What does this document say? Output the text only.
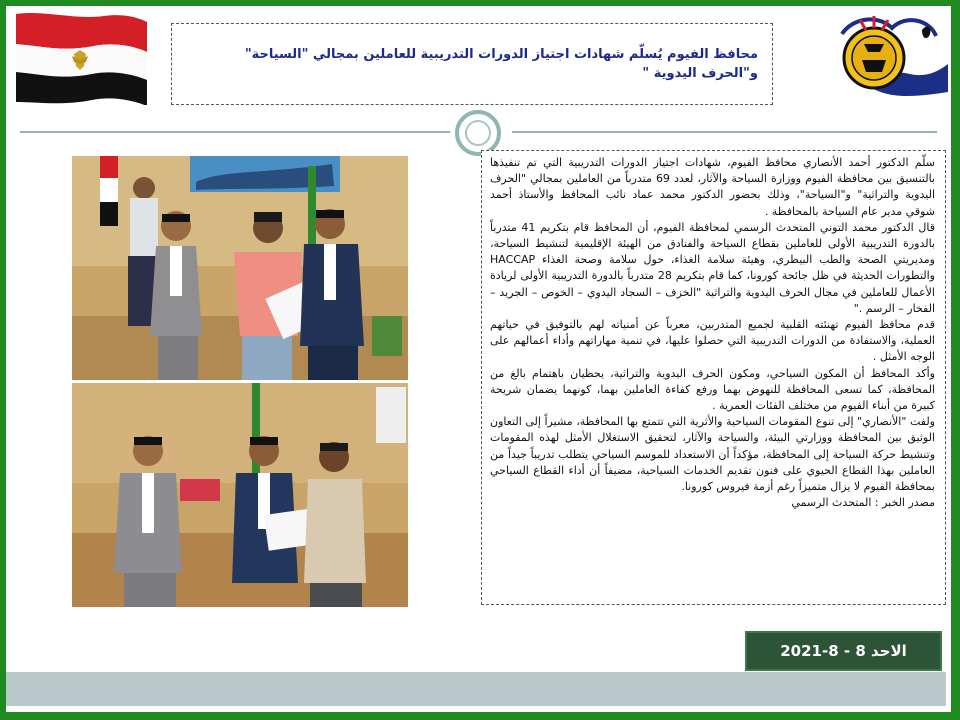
محافظ الفيوم يُسلّم شهادات اجتياز الدورات التدريبية للعاملين بمجالي "السياحة" و"الحرف اليدوية "

سلّم الدكتور أحمد الأنصاري محافظ الفيوم، شهادات اجتياز الدورات التدريبية التي تم تنفيذها بالتنسيق بين محافظة الفيوم ووزارة السياحة والآثار، لعدد 69 متدرباً من العاملين بمجالي "الحرف اليدوية والتراثية" و"السياحة"، وذلك بحضور الدكتور محمد عماد نائب المحافظ والأستاذ أحمد شوقي مدير عام السياحة بالمحافظة .

قال الدكتور محمد التوني المتحدث الرسمي لمحافظة الفيوم، أن المحافظ قام بتكريم 41 متدرباً بالدورة التدريبية الأولى للعاملين بقطاع السياحة والفنادق من الهيئة الإقليمية لتنشيط السياحة، ومديريتي الصحة والطب البيطري، وهيئة سلامة الغذاء، حول سلامة وصحة الغذاء HACCAP والتطورات الحديثة في ظل جائحة كورونا، كما قام بتكريم 28 متدرباً بالدورة التدريبية الأولى لريادة الأعمال للعاملين في مجال الحرف اليدوية والتراثية "الخزف – السجاد اليدوي – الخوص – الجريد – الفخار – الرسم ."

قدم محافظ الفيوم تهنئته القلبية لجميع المتدربين، معرباً عن أمنياته لهم بالتوفيق في حياتهم العملية، والاستفادة من الدورات التدريبية التي حصلوا عليها، في تنمية مهاراتهم وأداء أعمالهم على الوجه الأمثل .

وأكد المحافظ أن المكون السياحي، ومكون الحرف اليدوية والتراثية، يحظيان باهتمام بالغ من المحافظة، كما تسعى المحافظة للنهوض بهما ورفع كفاءة العاملين بهما، كونهما يضمان شريحة كبيرة من أبناء الفيوم من مختلف الفئات العمرية .

ولفت "الأنصاري" إلى تنوع المقومات السياحية والأثرية التي تتمتع بها المحافظة، مشيراً إلى التعاون الوثيق بين المحافظة ووزارتي البيئة، والسياحة والآثار، لتحقيق الاستغلال الأمثل لهذه المقومات وتنشيط حركة السياحة إلى المحافظة، مؤكداً أن الاستعداد للموسم السياحي يتطلب تدريباً جيداً من العاملين بهذا القطاع الحيوي على فنون تقديم الخدمات السياحية، مضيفاً أن أداء القطاع السياحي بمحافظة الفيوم لا يزال متميزاً رغم أزمة فيروس كورونا.

مصدر الخبر : المتحدث الرسمي

الاحد 8 - 8-2021
